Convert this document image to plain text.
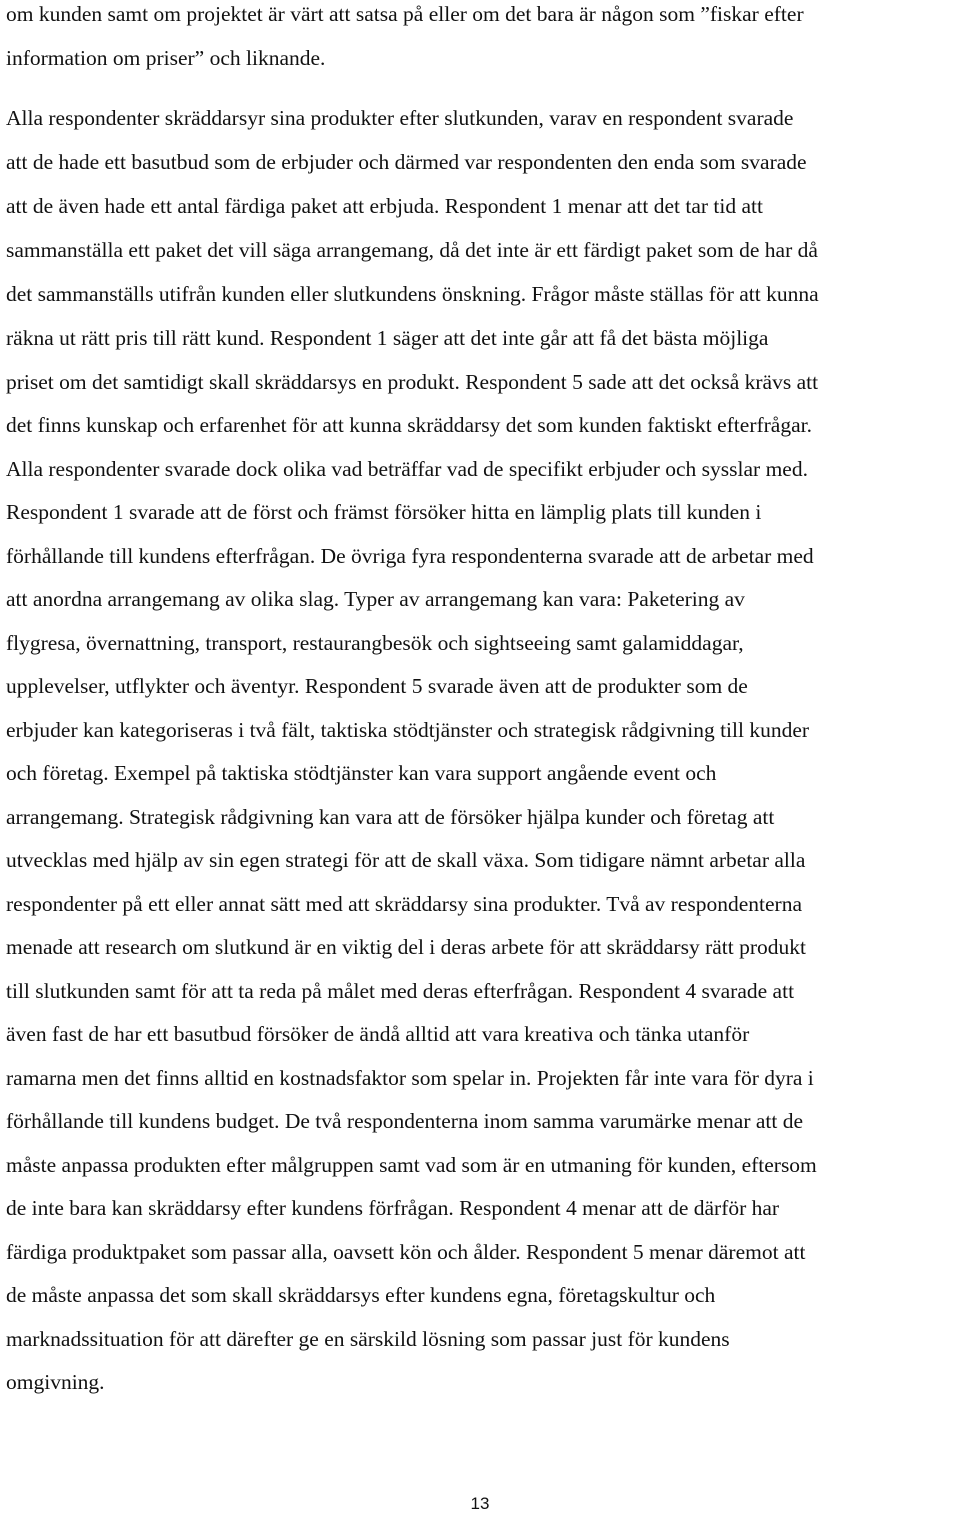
om kunden samt om projektet är värt att satsa på eller om det bara är någon som ”fiskar efter
information om priser” och liknande.
Alla respondenter skräddarsyr sina produkter efter slutkunden, varav en respondent svarade
att de hade ett basutbud som de erbjuder och därmed var respondenten den enda som svarade
att de även hade ett antal färdiga paket att erbjuda. Respondent 1 menar att det tar tid att
sammanställa ett paket det vill säga arrangemang, då det inte är ett färdigt paket som de har då
det sammanställs utifrån kunden eller slutkundens önskning. Frågor måste ställas för att kunna
räkna ut rätt pris till rätt kund. Respondent 1 säger att det inte går att få det bästa möjliga
priset om det samtidigt skall skräddarsys en produkt. Respondent 5 sade att det också krävs att
det finns kunskap och erfarenhet för att kunna skräddarsy det som kunden faktiskt efterfrågar.
Alla respondenter svarade dock olika vad beträffar vad de specifikt erbjuder och sysslar med.
Respondent 1 svarade att de först och främst försöker hitta en lämplig plats till kunden i
förhållande till kundens efterfrågan. De övriga fyra respondenterna svarade att de arbetar med
att anordna arrangemang av olika slag. Typer av arrangemang kan vara: Paketering av
flygresa, övernattning, transport, restaurangbesök och sightseeing samt galamiddagar,
upplevelser, utflykter och äventyr. Respondent 5 svarade även att de produkter som de
erbjuder kan kategoriseras i två fält, taktiska stödtjänster och strategisk rådgivning till kunder
och företag. Exempel på taktiska stödtjänster kan vara support angående event och
arrangemang. Strategisk rådgivning kan vara att de försöker hjälpa kunder och företag att
utvecklas med hjälp av sin egen strategi för att de skall växa. Som tidigare nämnt arbetar alla
respondenter på ett eller annat sätt med att skräddarsy sina produkter. Två av respondenterna
menade att research om slutkund är en viktig del i deras arbete för att skräddarsy rätt produkt
till slutkunden samt för att ta reda på målet med deras efterfrågan. Respondent 4 svarade att
även fast de har ett basutbud försöker de ändå alltid att vara kreativa och tänka utanför
ramarna men det finns alltid en kostnadsfaktor som spelar in. Projekten får inte vara för dyra i
förhållande till kundens budget. De två respondenterna inom samma varumärke menar att de
måste anpassa produkten efter målgruppen samt vad som är en utmaning för kunden, eftersom
de inte bara kan skräddarsy efter kundens förfrågan. Respondent 4 menar att de därför har
färdiga produktpaket som passar alla, oavsett kön och ålder. Respondent 5 menar däremot att
de måste anpassa det som skall skräddarsys efter kundens egna, företagskultur och
marknadssituation för att därefter ge en särskild lösning som passar just för kundens
omgivning.
13
